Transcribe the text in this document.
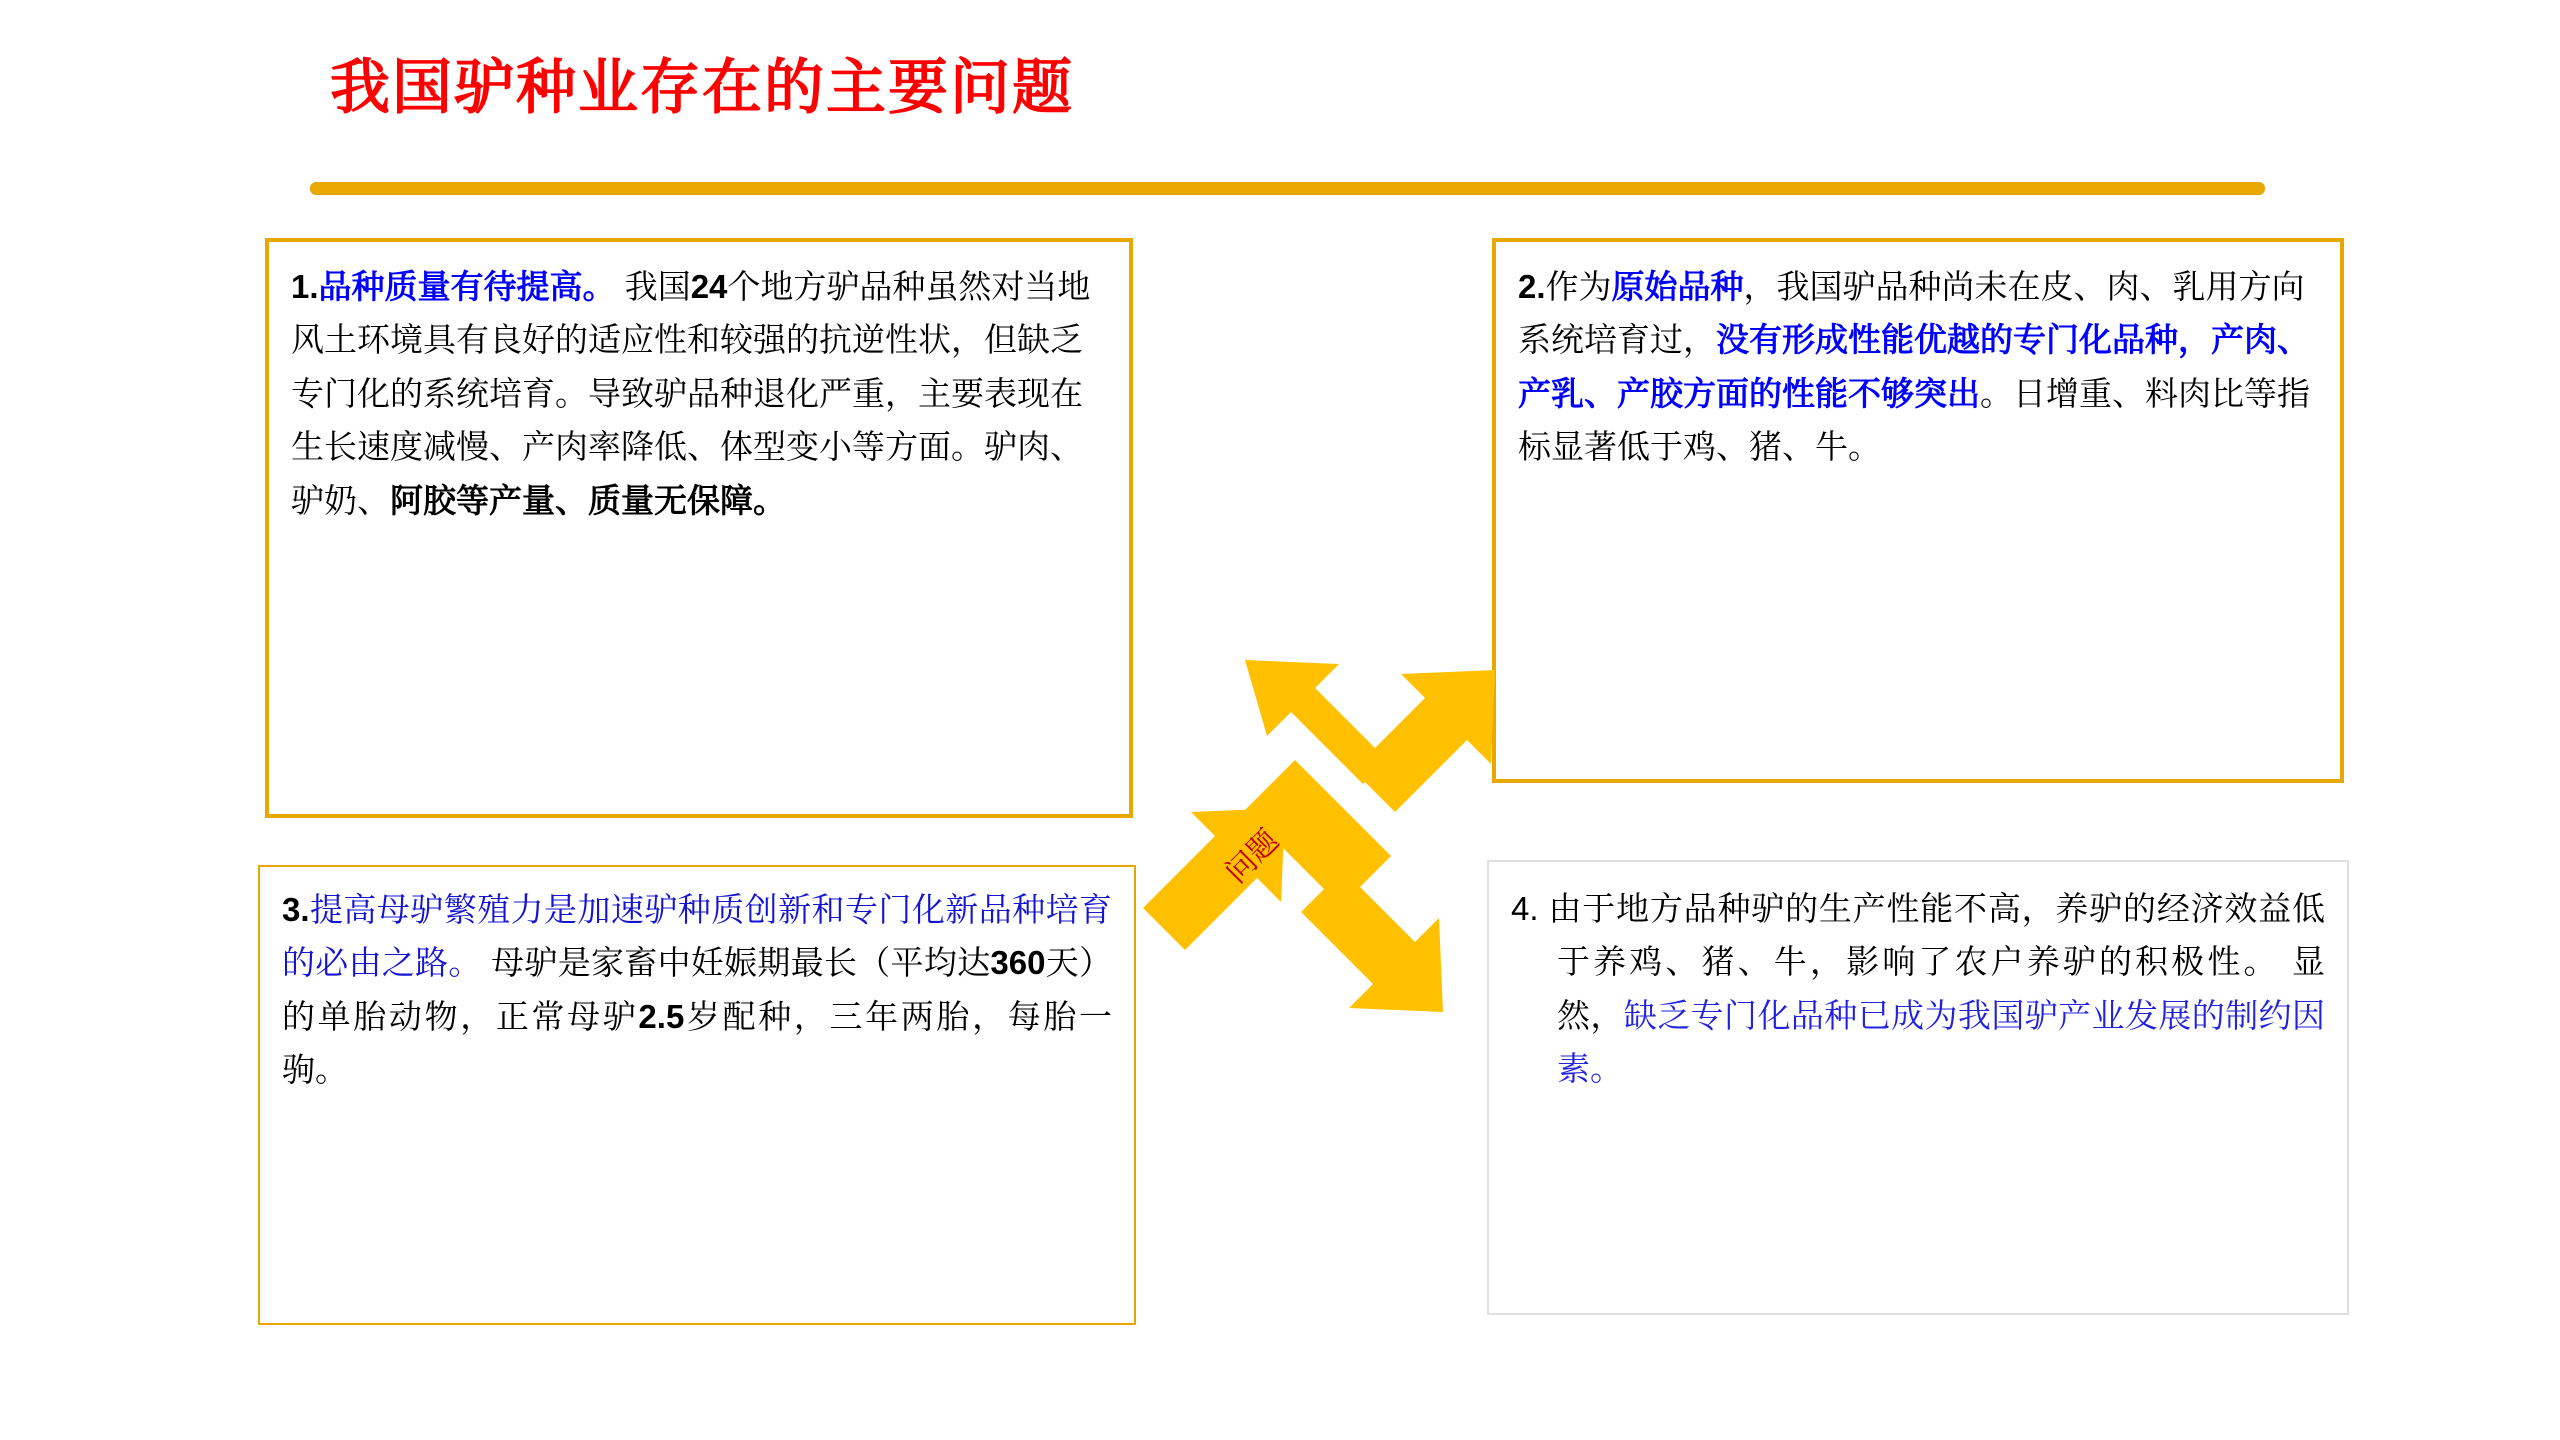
我国驴种业存在的主要问题

1.品种质量有待提高。 我国24个地方驴品种虽然对当地风土环境具有良好的适应性和较强的抗逆性状，但缺乏专门化的系统培育。导致驴品种退化严重，主要表现在生长速度减慢、产肉率降低、体型变小等方面。驴肉、驴奶、阿胶等产量、质量无保障。

2.作为原始品种，我国驴品种尚未在皮、肉、乳用方向系统培育过，没有形成性能优越的专门化品种，产肉、产乳、产胶方面的性能不够突出。日增重、料肉比等指标显著低于鸡、猪、牛。

3.提高母驴繁殖力是加速驴种质创新和专门化新品种培育的必由之路。 母驴是家畜中妊娠期最长（平均达360天）的单胎动物，正常母驴2.5岁配种，三年两胎，每胎一驹。

4. 由于地方品种驴的生产性能不高，养驴的经济效益低于养鸡、猪、牛，影响了农户养驴的积极性。 显然，缺乏专门化品种已成为我国驴产业发展的制约因素。

问题
